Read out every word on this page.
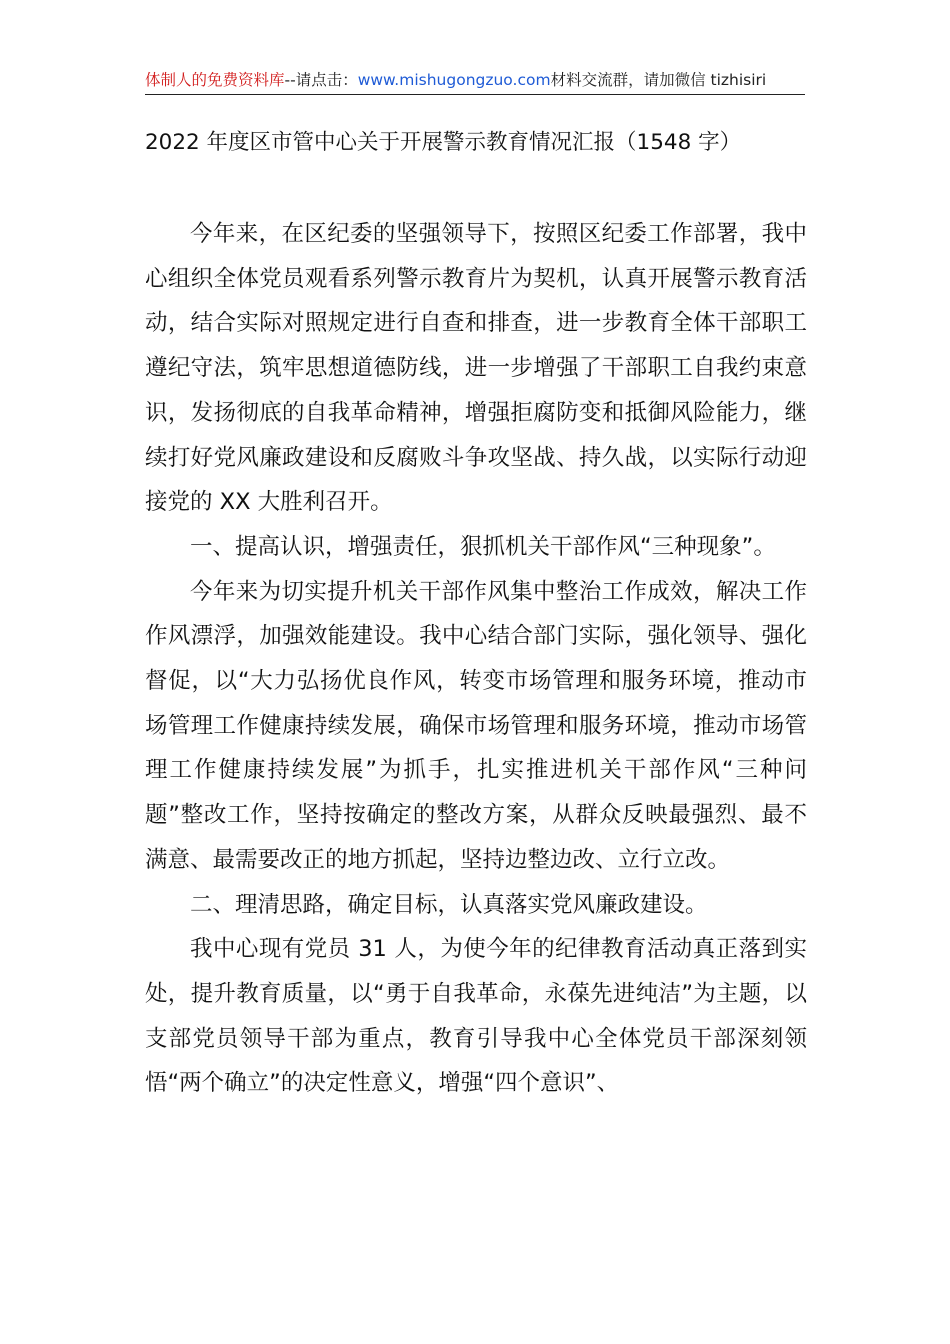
体制人的免费资料库--请点击：www.mishugongzuo.com材料交流群，请加微信 tizhisiri
2022 年度区市管中心关于开展警示教育情况汇报（1548 字）

今年来，在区纪委的坚强领导下，按照区纪委工作部署，我中心组织全体党员观看系列警示教育片为契机，认真开展警示教育活动，结合实际对照规定进行自查和排查，进一步教育全体干部职工遵纪守法，筑牢思想道德防线，进一步增强了干部职工自我约束意识，发扬彻底的自我革命精神，增强拒腐防变和抵御风险能力，继续打好党风廉政建设和反腐败斗争攻坚战、持久战，以实际行动迎接党的 XX 大胜利召开。

一、提高认识，增强责任，狠抓机关干部作风“三种现象”。

今年来为切实提升机关干部作风集中整治工作成效，解决工作作风漂浮，加强效能建设。我中心结合部门实际，强化领导、强化督促，以“大力弘扬优良作风，转变市场管理和服务环境，推动市场管理工作健康持续发展，确保市场管理和服务环境，推动市场管理工作健康持续发展”为抓手，扎实推进机关干部作风“三种问题”整改工作，坚持按确定的整改方案，从群众反映最强烈、最不满意、最需要改正的地方抓起，坚持边整边改、立行立改。

二、理清思路，确定目标，认真落实党风廉政建设。

我中心现有党员 31 人，为使今年的纪律教育活动真正落到实处，提升教育质量，以“勇于自我革命，永葆先进纯洁”为主题，以支部党员领导干部为重点，教育引导我中心全体党员干部深刻领悟“两个确立”的决定性意义，增强“四个意识”、
